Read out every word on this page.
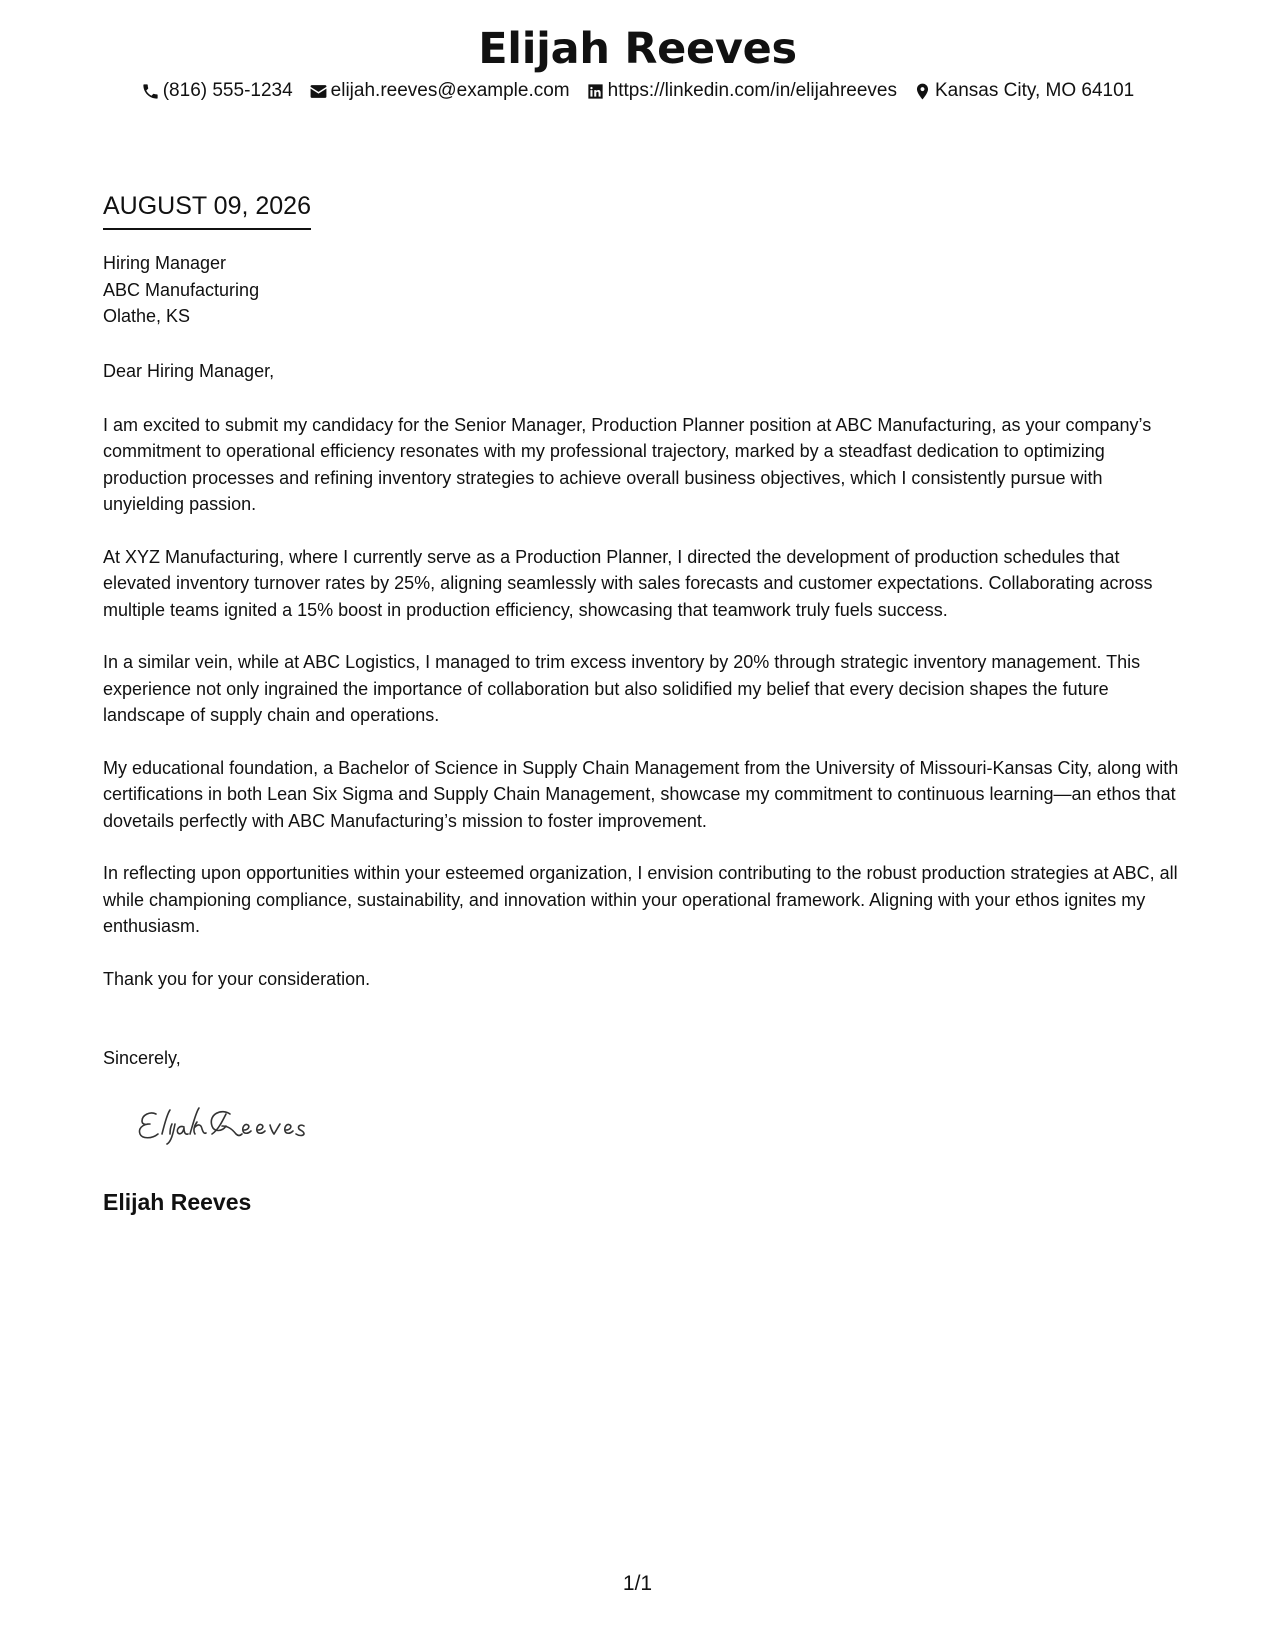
Elijah Reeves
(816) 555-1234 elijah.reeves@example.com https://linkedin.com/in/elijahreeves Kansas City, MO 64101
AUGUST 09, 2026
Hiring Manager
ABC Manufacturing
Olathe, KS

Dear Hiring Manager,

I am excited to submit my candidacy for the Senior Manager, Production Planner position at ABC Manufacturing, as your company’s commitment to operational efficiency resonates with my professional trajectory, marked by a steadfast dedication to optimizing production processes and refining inventory strategies to achieve overall business objectives, which I consistently pursue with unyielding passion.

At XYZ Manufacturing, where I currently serve as a Production Planner, I directed the development of production schedules that elevated inventory turnover rates by 25%, aligning seamlessly with sales forecasts and customer expectations. Collaborating across multiple teams ignited a 15% boost in production efficiency, showcasing that teamwork truly fuels success.

In a similar vein, while at ABC Logistics, I managed to trim excess inventory by 20% through strategic inventory management. This experience not only ingrained the importance of collaboration but also solidified my belief that every decision shapes the future landscape of supply chain and operations.

My educational foundation, a Bachelor of Science in Supply Chain Management from the University of Missouri-Kansas City, along with certifications in both Lean Six Sigma and Supply Chain Management, showcase my commitment to continuous learning—an ethos that dovetails perfectly with ABC Manufacturing’s mission to foster improvement.

In reflecting upon opportunities within your esteemed organization, I envision contributing to the robust production strategies at ABC, all while championing compliance, sustainability, and innovation within your operational framework. Aligning with your ethos ignites my enthusiasm.

Thank you for your consideration.

Sincerely,
Elijah Reeves
1/1
